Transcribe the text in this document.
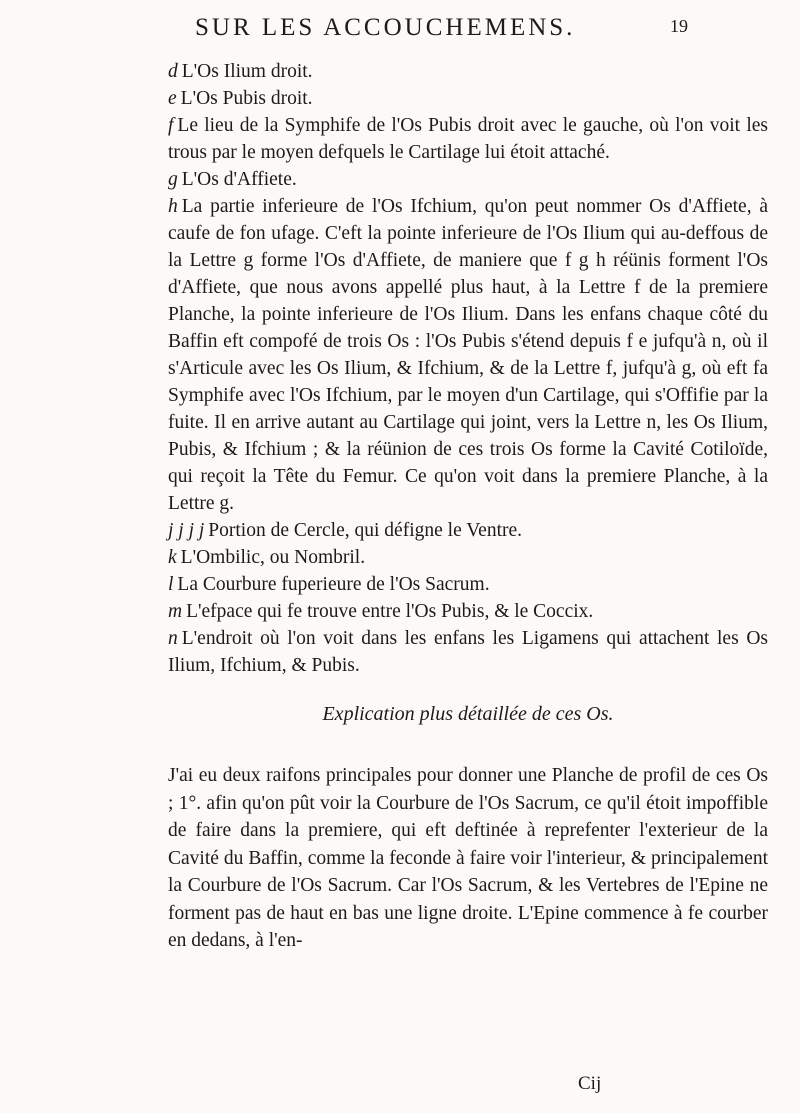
SUR LES ACCOUCHEMENS.	19
d L'Os Ilium droit.
e L'Os Pubis droit.
f Le lieu de la Symphife de l'Os Pubis droit avec le gauche, où l'on voit les trous par le moyen defquels le Cartilage lui étoit attaché.
g L'Os d'Affiete.
h La partie inferieure de l'Os Ifchium, qu'on peut nommer Os d'Affiete, à caufe de fon ufage. C'eft la pointe inferieure de l'Os Ilium qui au-deffous de la Lettre g forme l'Os d'Affiete, de maniere que f g h réünis forment l'Os d'Affiete, que nous avons appellé plus haut, à la Lettre f de la premiere Planche, la pointe inferieure de l'Os Ilium. Dans les enfans chaque côté du Baffin eft compofé de trois Os : l'Os Pubis s'étend depuis f e jufqu'à n, où il s'Articule avec les Os Ilium, & Ifchium, & de la Lettre f, jufqu'à g, où eft fa Symphife avec l'Os Ifchium, par le moyen d'un Cartilage, qui s'Offifie par la fuite. Il en arrive autant au Cartilage qui joint, vers la Lettre n, les Os Ilium, Pubis, & Ifchium ; & la réünion de ces trois Os forme la Cavité Cotiloïde, qui reçoit la Tête du Femur. Ce qu'on voit dans la premiere Planche, à la Lettre g.
j j j j Portion de Cercle, qui défigne le Ventre.
k L'Ombilic, ou Nombril.
l La Courbure fuperieure de l'Os Sacrum.
m L'efpace qui fe trouve entre l'Os Pubis, & le Coccix.
n L'endroit où l'on voit dans les enfans les Ligamens qui attachent les Os Ilium, Ifchium, & Pubis.
Explication plus détaillée de ces Os.
J'ai eu deux raifons principales pour donner une Planche de profil de ces Os ; 1°. afin qu'on pût voir la Courbure de l'Os Sacrum, ce qu'il étoit impoffible de faire dans la premiere, qui eft deftinée à reprefenter l'exterieur de la Cavité du Baffin, comme la feconde à faire voir l'interieur, & principalement la Courbure de l'Os Sacrum. Car l'Os Sacrum, & les Vertebres de l'Epine ne forment pas de haut en bas une ligne droite. L'Epine commence à fe courber en dedans, à l'en-
Cij
